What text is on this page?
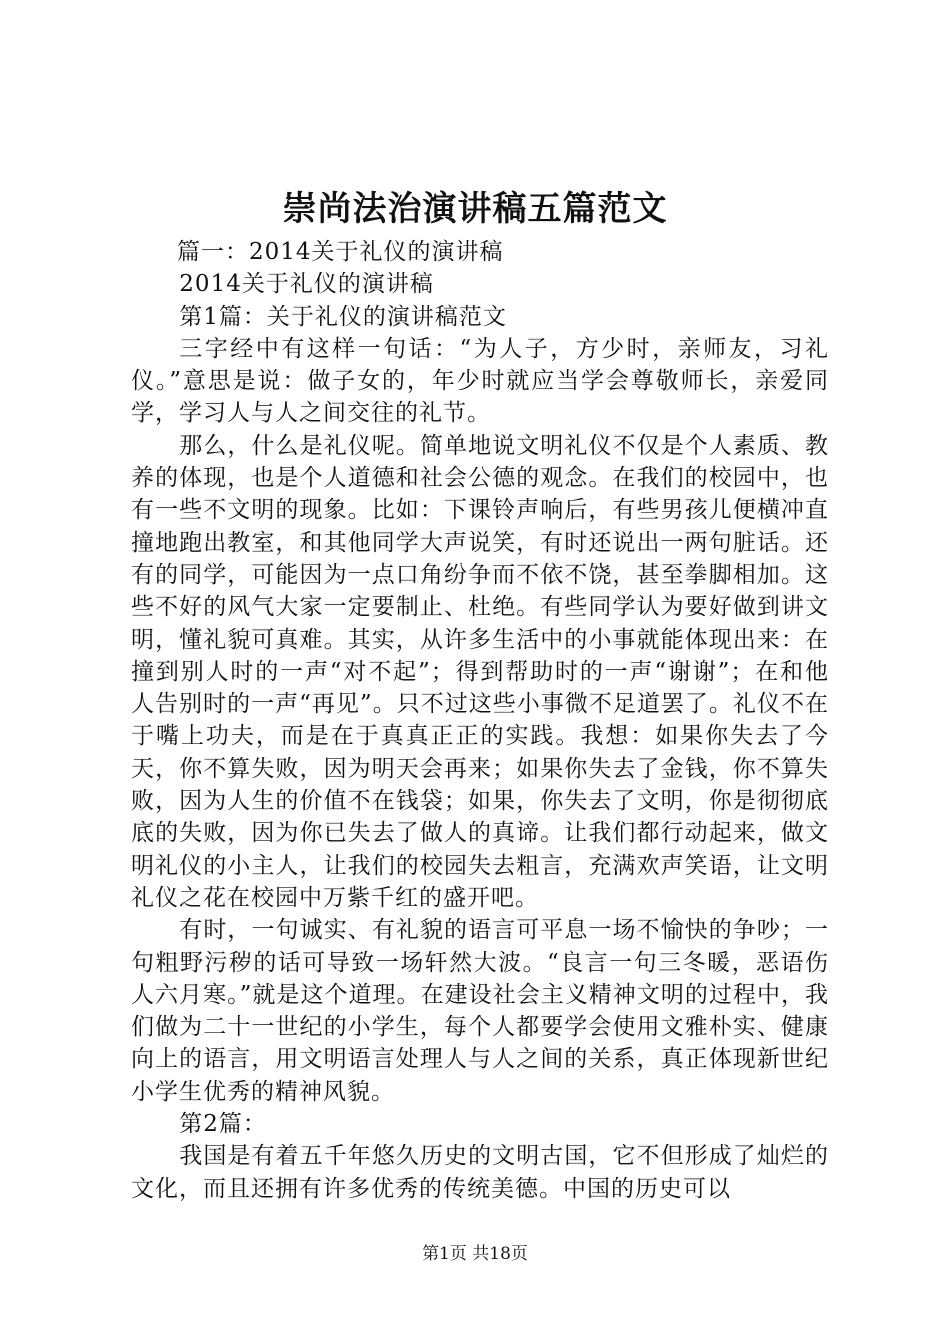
崇尚法治演讲稿五篇范文

篇一：2014关于礼仪的演讲稿

2014关于礼仪的演讲稿

第1篇：关于礼仪的演讲稿范文

三字经中有这样一句话：“为人子，方少时，亲师友，习礼仪。”意思是说：做子女的，年少时就应当学会尊敬师长，亲爱同学，学习人与人之间交往的礼节。

那么，什么是礼仪呢。简单地说文明礼仪不仅是个人素质、教养的体现，也是个人道德和社会公德的观念。在我们的校园中，也有一些不文明的现象。比如：下课铃声响后，有些男孩儿便横冲直撞地跑出教室，和其他同学大声说笑，有时还说出一两句脏话。还有的同学，可能因为一点口角纷争而不依不饶，甚至拳脚相加。这些不好的风气大家一定要制止、杜绝。有些同学认为要好做到讲文明，懂礼貌可真难。其实，从许多生活中的小事就能体现出来：在撞到别人时的一声“对不起”；得到帮助时的一声“谢谢”；在和他人告别时的一声“再见”。只不过这些小事微不足道罢了。礼仪不在于嘴上功夫，而是在于真真正正的实践。我想：如果你失去了今天，你不算失败，因为明天会再来；如果你失去了金钱，你不算失败，因为人生的价值不在钱袋；如果，你失去了文明，你是彻彻底底的失败，因为你已失去了做人的真谛。让我们都行动起来，做文明礼仪的小主人，让我们的校园失去粗言，充满欢声笑语，让文明礼仪之花在校园中万紫千红的盛开吧。

有时，一句诚实、有礼貌的语言可平息一场不愉快的争吵；一句粗野污秽的话可导致一场轩然大波。“良言一句三冬暖，恶语伤人六月寒。”就是这个道理。在建设社会主义精神文明的过程中，我们做为二十一世纪的小学生，每个人都要学会使用文雅朴实、健康向上的语言，用文明语言处理人与人之间的关系，真正体现新世纪小学生优秀的精神风貌。

第2篇：

我国是有着五千年悠久历史的文明古国，它不但形成了灿烂的文化，而且还拥有许多优秀的传统美德。中国的历史可以

第1页 共18页
